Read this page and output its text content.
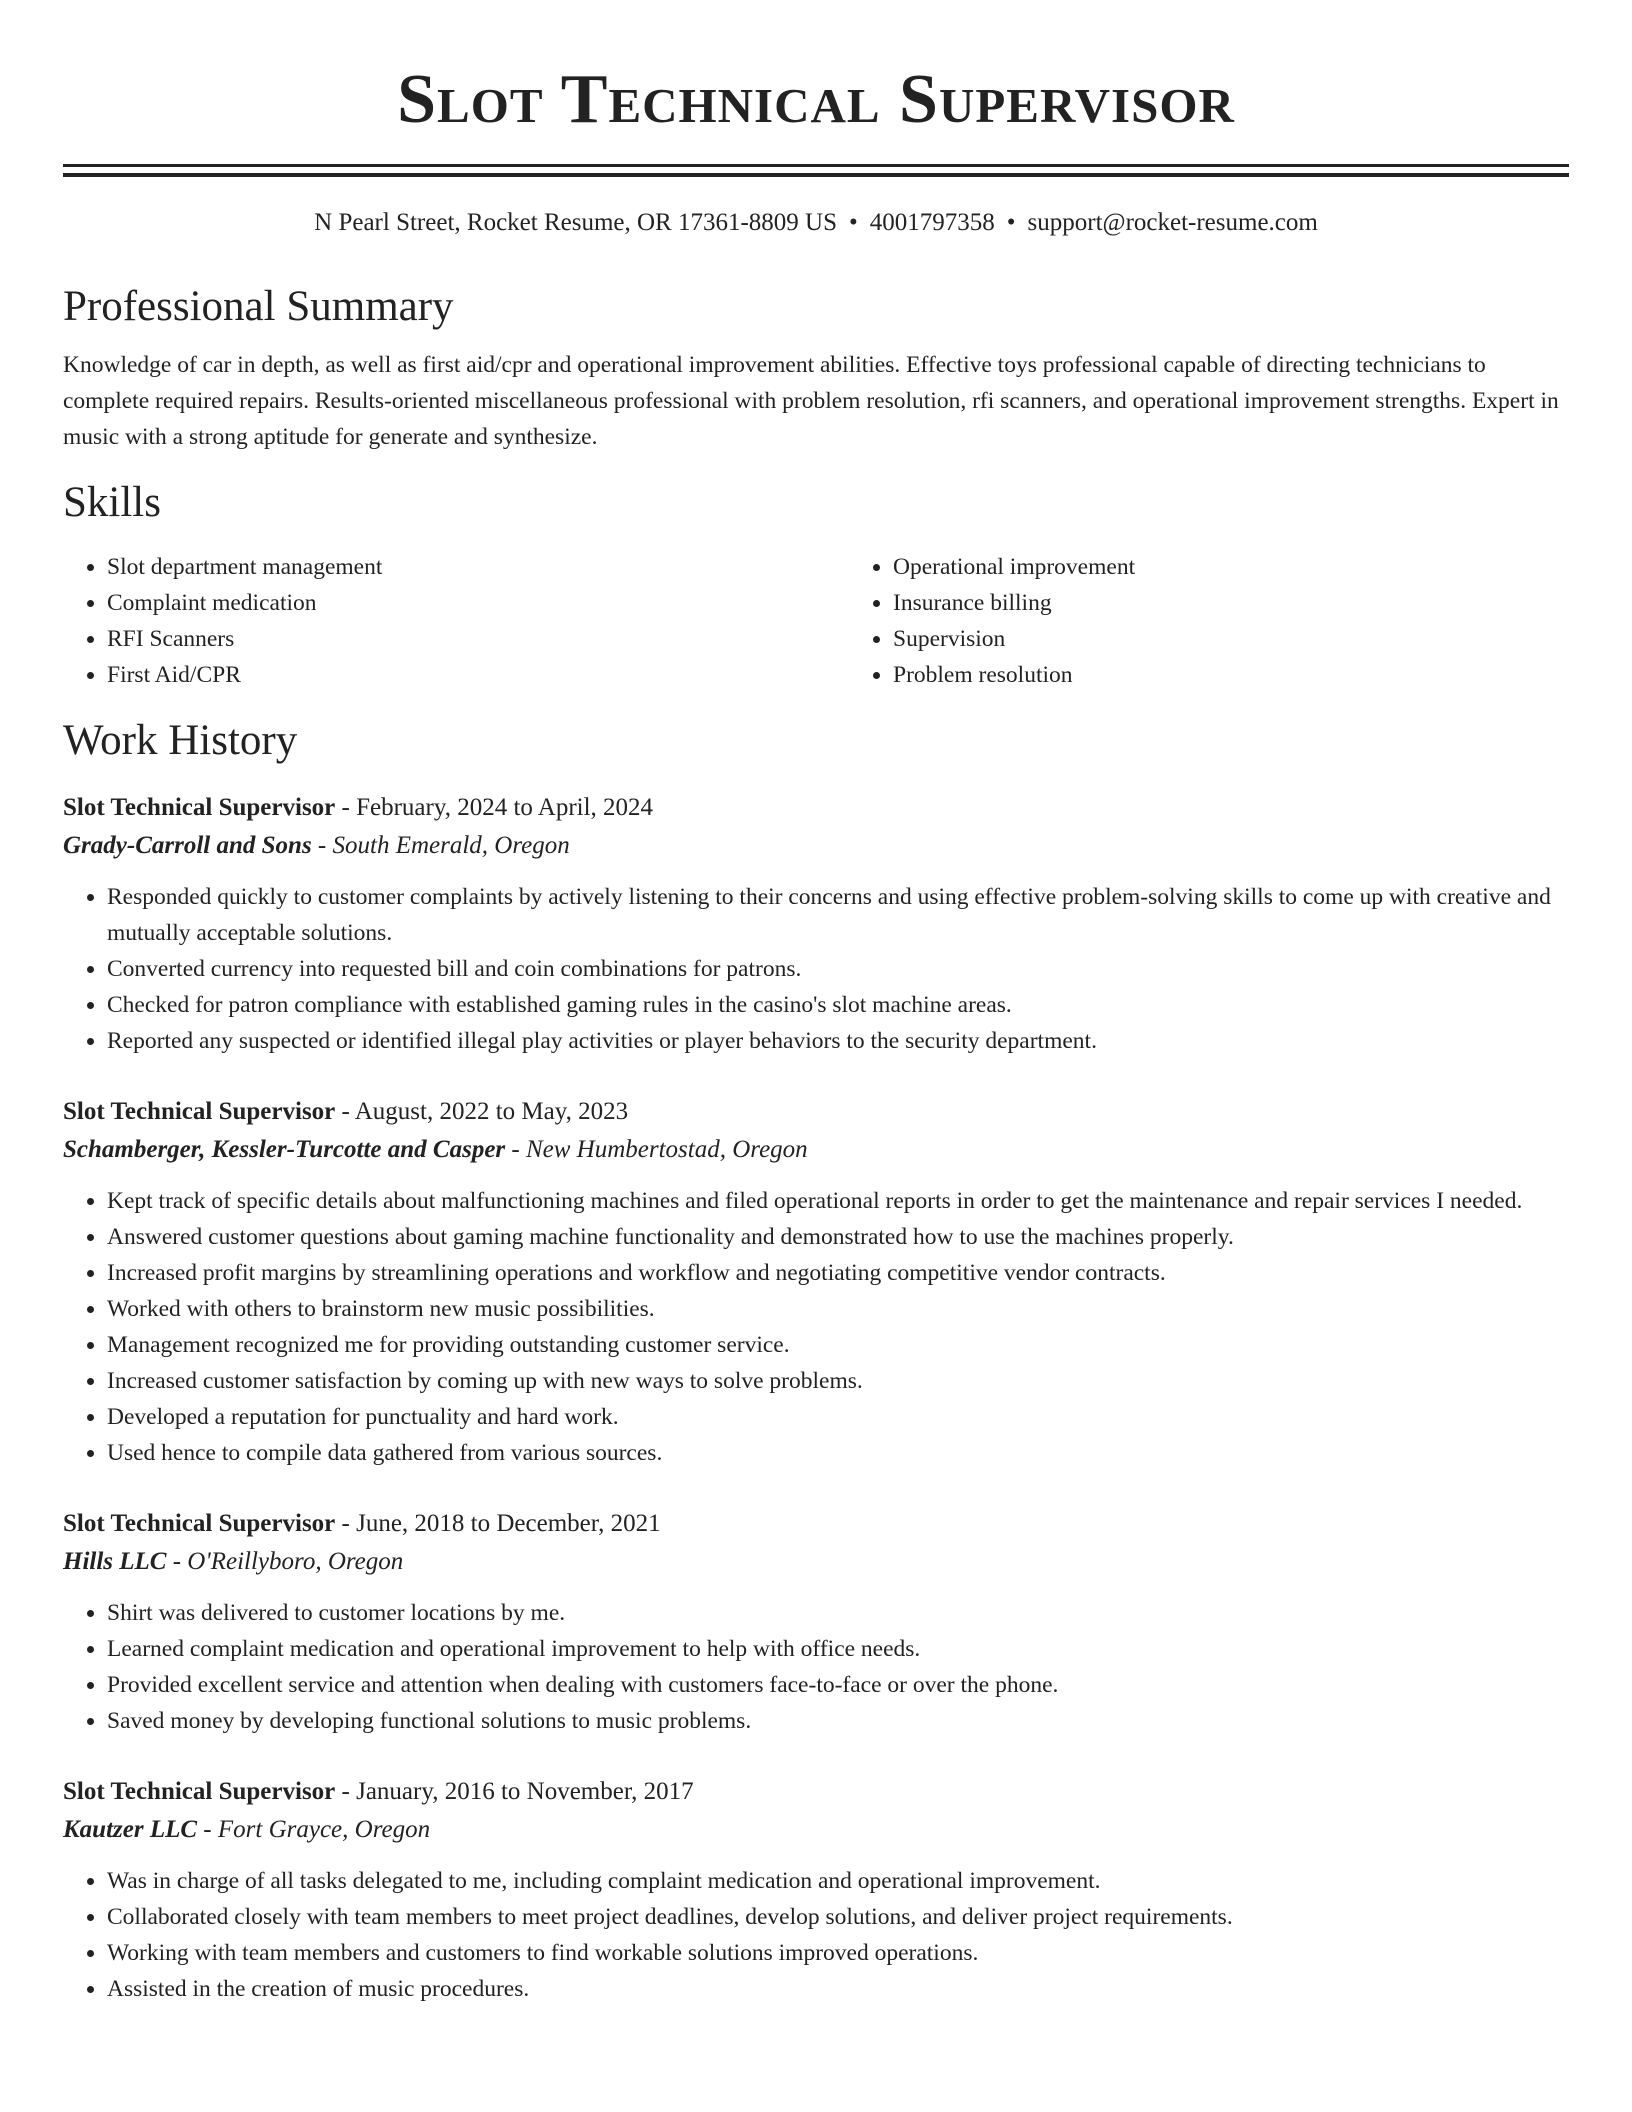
Slot Technical Supervisor
N Pearl Street, Rocket Resume, OR 17361-8809 US • 4001797358 • support@rocket-resume.com
Professional Summary

Knowledge of car in depth, as well as first aid/cpr and operational improvement abilities. Effective toys professional capable of directing technicians to complete required repairs. Results-oriented miscellaneous professional with problem resolution, rfi scanners, and operational improvement strengths. Expert in music with a strong aptitude for generate and synthesize.

Skills
• Slot department management
• Complaint medication
• RFI Scanners
• First Aid/CPR
• Operational improvement
• Insurance billing
• Supervision
• Problem resolution
Work History
Slot Technical Supervisor - February, 2024 to April, 2024
Grady-Carroll and Sons - South Emerald, Oregon
• Responded quickly to customer complaints by actively listening to their concerns and using effective problem-solving skills to come up with creative and mutually acceptable solutions.
• Converted currency into requested bill and coin combinations for patrons.
• Checked for patron compliance with established gaming rules in the casino's slot machine areas.
• Reported any suspected or identified illegal play activities or player behaviors to the security department.
Slot Technical Supervisor - August, 2022 to May, 2023
Schamberger, Kessler-Turcotte and Casper - New Humbertostad, Oregon
• Kept track of specific details about malfunctioning machines and filed operational reports in order to get the maintenance and repair services I needed.
• Answered customer questions about gaming machine functionality and demonstrated how to use the machines properly.
• Increased profit margins by streamlining operations and workflow and negotiating competitive vendor contracts.
• Worked with others to brainstorm new music possibilities.
• Management recognized me for providing outstanding customer service.
• Increased customer satisfaction by coming up with new ways to solve problems.
• Developed a reputation for punctuality and hard work.
• Used hence to compile data gathered from various sources.
Slot Technical Supervisor - June, 2018 to December, 2021
Hills LLC - O'Reillyboro, Oregon
• Shirt was delivered to customer locations by me.
• Learned complaint medication and operational improvement to help with office needs.
• Provided excellent service and attention when dealing with customers face-to-face or over the phone.
• Saved money by developing functional solutions to music problems.
Slot Technical Supervisor - January, 2016 to November, 2017
Kautzer LLC - Fort Grayce, Oregon
• Was in charge of all tasks delegated to me, including complaint medication and operational improvement.
• Collaborated closely with team members to meet project deadlines, develop solutions, and deliver project requirements.
• Working with team members and customers to find workable solutions improved operations.
• Assisted in the creation of music procedures.
